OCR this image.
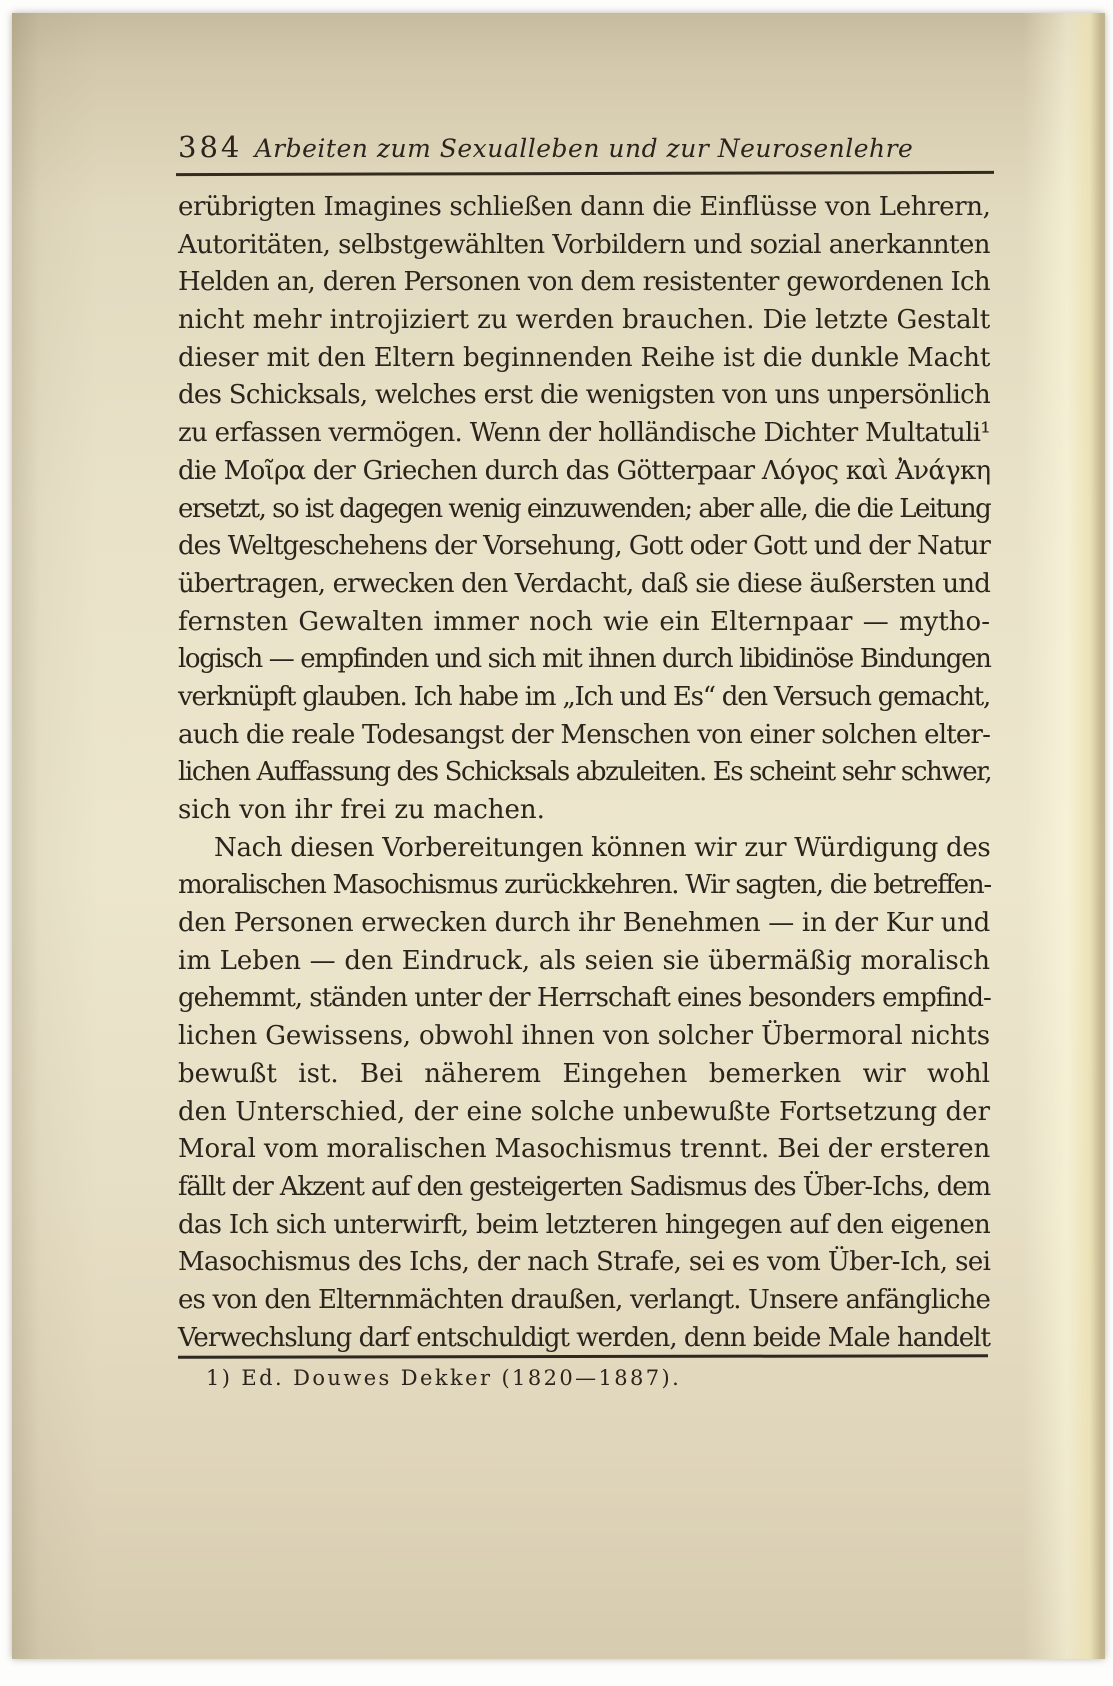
384 Arbeiten zum Sexualleben und zur Neurosenlehre
erübrigten Imagines schließen dann die Einflüsse von Lehrern,
Autoritäten, selbstgewählten Vorbildern und sozial anerkannten
Helden an, deren Personen von dem resistenter gewordenen Ich
nicht mehr introjiziert zu werden brauchen. Die letzte Gestalt
dieser mit den Eltern beginnenden Reihe ist die dunkle Macht
des Schicksals, welches erst die wenigsten von uns unpersönlich
zu erfassen vermögen. Wenn der holländische Dichter Multatuli¹
die Μοῖρα der Griechen durch das Götterpaar Λόγος καὶ Ἀνάγκη
ersetzt, so ist dagegen wenig einzuwenden; aber alle, die die Leitung
des Weltgeschehens der Vorsehung, Gott oder Gott und der Natur
übertragen, erwecken den Verdacht, daß sie diese äußersten und
fernsten Gewalten immer noch wie ein Elternpaar — mytho-
logisch — empfinden und sich mit ihnen durch libidinöse Bindungen
verknüpft glauben. Ich habe im „Ich und Es“ den Versuch gemacht,
auch die reale Todesangst der Menschen von einer solchen elter-
lichen Auffassung des Schicksals abzuleiten. Es scheint sehr schwer,
sich von ihr frei zu machen.
Nach diesen Vorbereitungen können wir zur Würdigung des
moralischen Masochismus zurückkehren. Wir sagten, die betreffen-
den Personen erwecken durch ihr Benehmen — in der Kur und
im Leben — den Eindruck, als seien sie übermäßig moralisch
gehemmt, ständen unter der Herrschaft eines besonders empfind-
lichen Gewissens, obwohl ihnen von solcher Übermoral nichts
bewußt ist. Bei näherem Eingehen bemerken wir wohl
den Unterschied, der eine solche unbewußte Fortsetzung der
Moral vom moralischen Masochismus trennt. Bei der ersteren
fällt der Akzent auf den gesteigerten Sadismus des Über-Ichs, dem
das Ich sich unterwirft, beim letzteren hingegen auf den eigenen
Masochismus des Ichs, der nach Strafe, sei es vom Über-Ich, sei
es von den Elternmächten draußen, verlangt. Unsere anfängliche
Verwechslung darf entschuldigt werden, denn beide Male handelt
1) Ed. Douwes Dekker (1820—1887).
